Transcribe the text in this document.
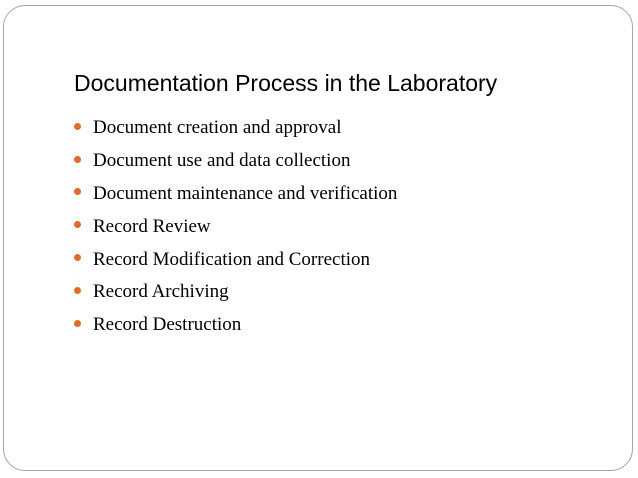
Documentation Process in the Laboratory
Document creation and approval
Document use and data collection
Document maintenance and verification
Record Review
Record Modification and Correction
Record Archiving
Record Destruction
